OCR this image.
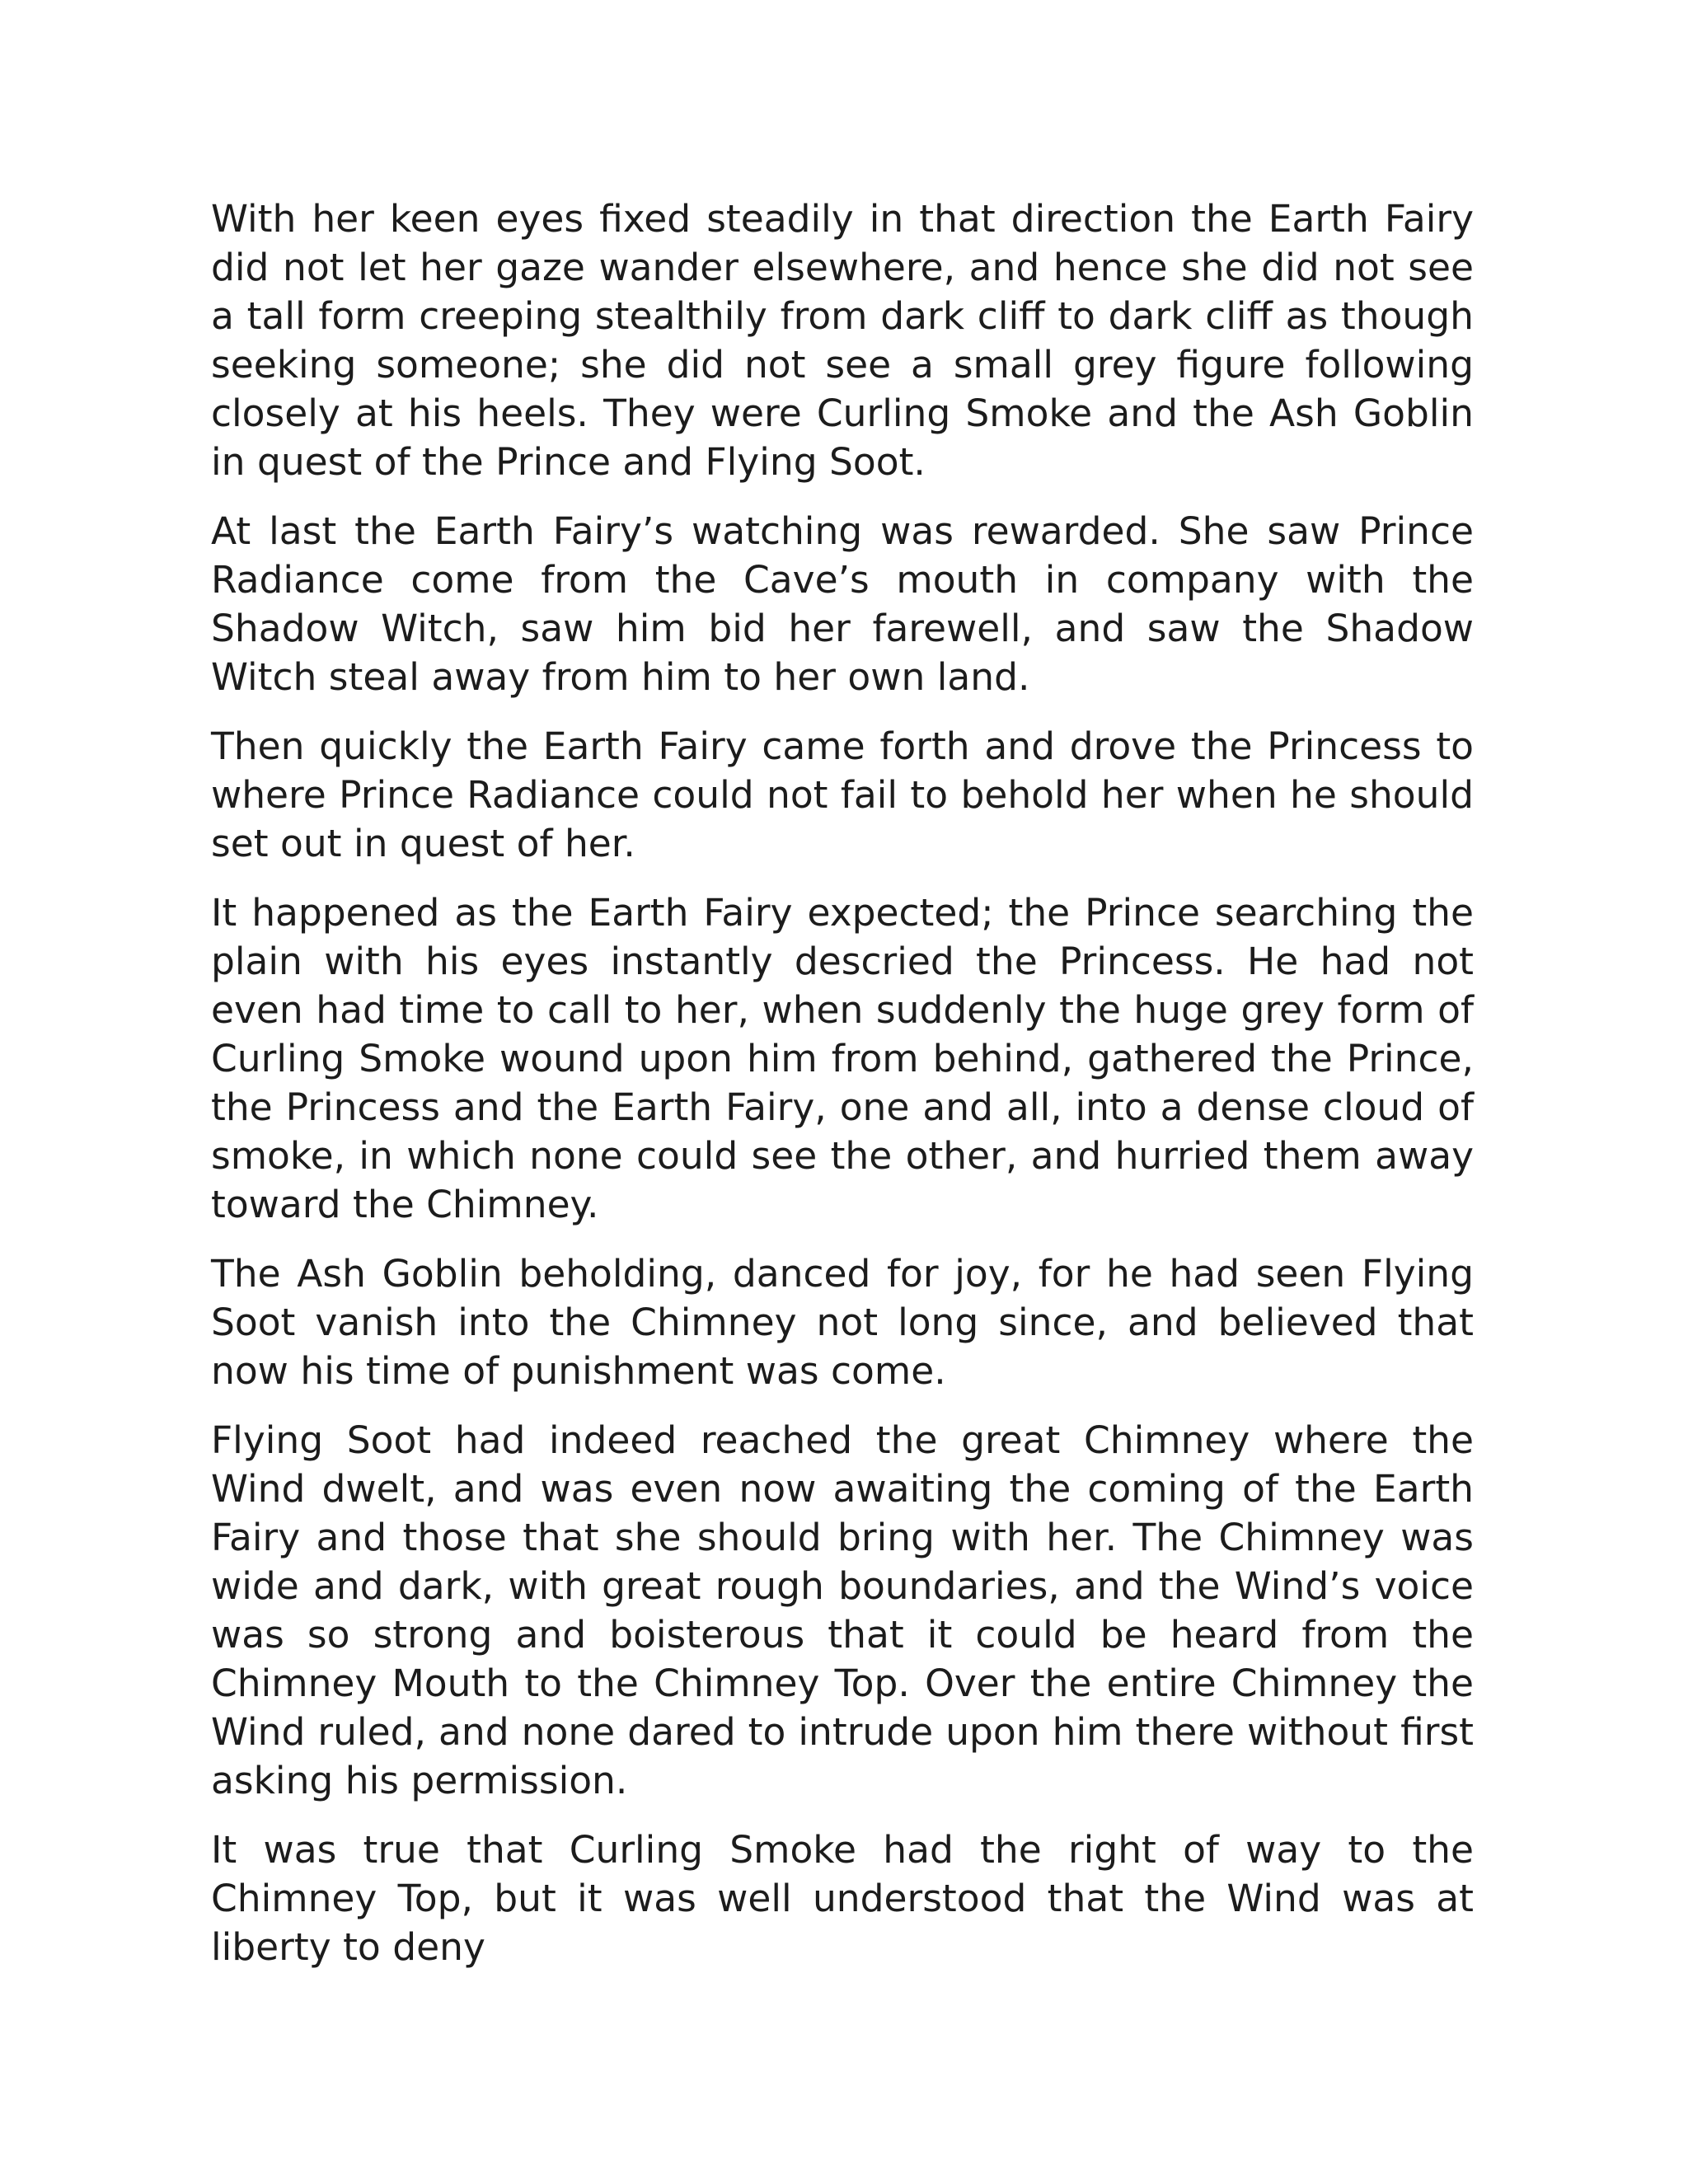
With her keen eyes fixed steadily in that direction the Earth Fairy did not let her gaze wander elsewhere, and hence she did not see a tall form creeping stealthily from dark cliff to dark cliff as though seeking someone; she did not see a small grey figure following closely at his heels. They were Curling Smoke and the Ash Goblin in quest of the Prince and Flying Soot.

At last the Earth Fairy’s watching was rewarded. She saw Prince Radiance come from the Cave’s mouth in company with the Shadow Witch, saw him bid her farewell, and saw the Shadow Witch steal away from him to her own land.

Then quickly the Earth Fairy came forth and drove the Princess to where Prince Radiance could not fail to behold her when he should set out in quest of her.

It happened as the Earth Fairy expected; the Prince searching the plain with his eyes instantly descried the Princess. He had not even had time to call to her, when suddenly the huge grey form of Curling Smoke wound upon him from behind, gathered the Prince, the Princess and the Earth Fairy, one and all, into a dense cloud of smoke, in which none could see the other, and hurried them away toward the Chimney.

The Ash Goblin beholding, danced for joy, for he had seen Flying Soot vanish into the Chimney not long since, and believed that now his time of punishment was come.

Flying Soot had indeed reached the great Chimney where the Wind dwelt, and was even now awaiting the coming of the Earth Fairy and those that she should bring with her. The Chimney was wide and dark, with great rough boundaries, and the Wind’s voice was so strong and boisterous that it could be heard from the Chimney Mouth to the Chimney Top. Over the entire Chimney the Wind ruled, and none dared to intrude upon him there without first asking his permission.

It was true that Curling Smoke had the right of way to the Chimney Top, but it was well understood that the Wind was at liberty to deny
